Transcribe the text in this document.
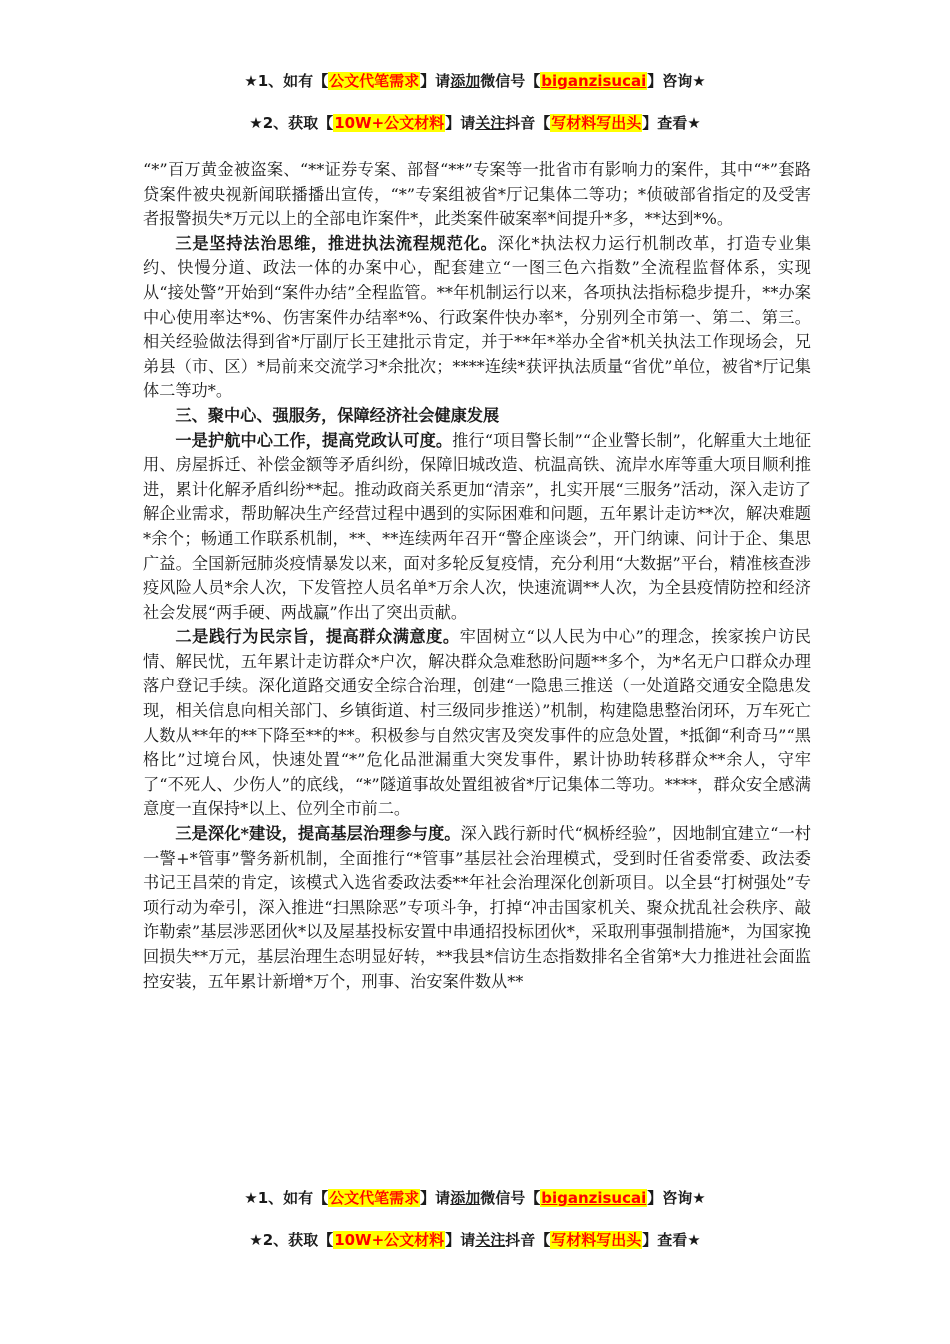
★1、如有【公文代笔需求】请添加微信号【biganzisucai】咨询★
★2、获取【10W+公文材料】请关注抖音【写材料写出头】查看★

“*”百万黄金被盗案、“**证券专案、部督“**”专案等一批省市有影响力的案件，其中“*”套路贷案件被央视新闻联播播出宣传，“*”专案组被省*厅记集体二等功；*侦破部省指定的及受害者报警损失*万元以上的全部电诈案件*，此类案件破案率*间提升*多，**达到*%。

三是坚持法治思维，推进执法流程规范化。深化*执法权力运行机制改革，打造专业集约、快慢分道、政法一体的办案中心，配套建立“一图三色六指数”全流程监督体系，实现从“接处警”开始到“案件办结”全程监管。**年机制运行以来，各项执法指标稳步提升，**办案中心使用率达*%、伤害案件办结率*%、行政案件快办率*，分别列全市第一、第二、第三。相关经验做法得到省*厅副厅长王建批示肯定，并于**年*举办全省*机关执法工作现场会，兄弟县（市、区）*局前来交流学习*余批次；****连续*获评执法质量“省优”单位，被省*厅记集体二等功*。

三、聚中心、强服务，保障经济社会健康发展

一是护航中心工作，提高党政认可度。推行“项目警长制”“企业警长制”，化解重大土地征用、房屋拆迁、补偿金额等矛盾纠纷，保障旧城改造、杭温高铁、流岸水库等重大项目顺利推进，累计化解矛盾纠纷**起。推动政商关系更加“清亲”，扎实开展“三服务”活动，深入走访了解企业需求，帮助解决生产经营过程中遇到的实际困难和问题，五年累计走访**次，解决难题*余个；畅通工作联系机制，**、**连续两年召开“警企座谈会”，开门纳谏、问计于企、集思广益。全国新冠肺炎疫情暴发以来，面对多轮反复疫情，充分利用“大数据”平台，精准核查涉疫风险人员*余人次，下发管控人员名单*万余人次，快速流调**人次，为全县疫情防控和经济社会发展“两手硬、两战赢”作出了突出贡献。

二是践行为民宗旨，提高群众满意度。牢固树立“以人民为中心”的理念，挨家挨户访民情、解民忧，五年累计走访群众*户次，解决群众急难愁盼问题**多个，为*名无户口群众办理落户登记手续。深化道路交通安全综合治理，创建“一隐患三推送（一处道路交通安全隐患发现，相关信息向相关部门、乡镇街道、村三级同步推送）”机制，构建隐患整治闭环，万车死亡人数从**年的**下降至**的**。积极参与自然灾害及突发事件的应急处置，*抵御“利奇马”“黑格比”过境台风，快速处置“*”危化品泄漏重大突发事件，累计协助转移群众**余人，守牢了“不死人、少伤人”的底线，“*”隧道事故处置组被省*厅记集体二等功。****，群众安全感满意度一直保持*以上、位列全市前二。

三是深化*建设，提高基层治理参与度。深入践行新时代“枫桥经验”，因地制宜建立“一村一警+*管事”警务新机制，全面推行“*管事”基层社会治理模式，受到时任省委常委、政法委书记王昌荣的肯定，该模式入选省委政法委**年社会治理深化创新项目。以全县“打树强处”专项行动为牵引，深入推进“扫黑除恶”专项斗争，打掉“冲击国家机关、聚众扰乱社会秩序、敲诈勒索”基层涉恶团伙*以及屋基投标安置中串通招投标团伙*，采取刑事强制措施*，为国家挽回损失**万元，基层治理生态明显好转，**我县*信访生态指数排名全省第*大力推进社会面监控安装，五年累计新增*万个，刑事、治安案件数从**

★1、如有【公文代笔需求】请添加微信号【biganzisucai】咨询★
★2、获取【10W+公文材料】请关注抖音【写材料写出头】查看★
